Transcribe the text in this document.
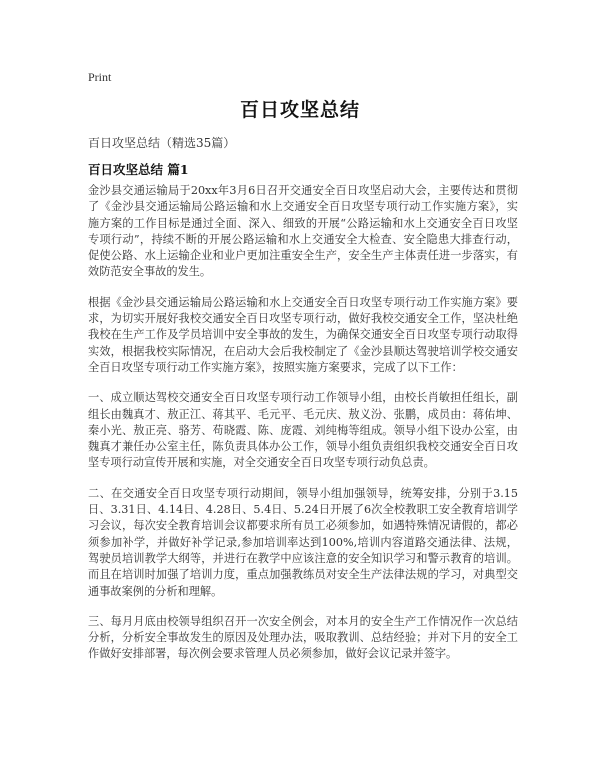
Print
百日攻坚总结
百日攻坚总结（精选35篇）
百日攻坚总结 篇1

金沙县交通运输局于20xx年3月6日召开交通安全百日攻坚启动大会，主要传达和贯彻了《金沙县交通运输局公路运输和水上交通安全百日攻坚专项行动工作实施方案》，实施方案的工作目标是通过全面、深入、细致的开展“公路运输和水上交通安全百日攻坚专项行动”，持续不断的开展公路运输和水上交通安全大检查、安全隐患大排查行动，促使公路、水上运输企业和业户更加注重安全生产，安全生产主体责任进一步落实，有效防范安全事故的发生。

根据《金沙县交通运输局公路运输和水上交通安全百日攻坚专项行动工作实施方案》要求，为切实开展好我校交通安全百日攻坚专项行动，做好我校交通安全工作，坚决杜绝我校在生产工作及学员培训中安全事故的发生，为确保交通安全百日攻坚专项行动取得实效，根据我校实际情况，在启动大会后我校制定了《金沙县顺达驾驶培训学校交通安全百日攻坚专项行动工作实施方案》，按照实施方案要求，完成了以下工作：

一、成立顺达驾校交通安全百日攻坚专项行动工作领导小组，由校长肖敏担任组长，副组长由魏真才、敖正江、蒋其平、毛元平、毛元庆、敖义汾、张鹏，成员由：蒋佑坤、秦小光、敖正亮、骆芳、苟晓霞、陈、庞霞、刘纯梅等组成。领导小组下设办公室，由魏真才兼任办公室主任，陈负责具体办公工作，领导小组负责组织我校交通安全百日攻坚专项行动宣传开展和实施，对全交通安全百日攻坚专项行动负总责。

二、在交通安全百日攻坚专项行动期间，领导小组加强领导，统筹安排，分别于3.15日、3.31日、4.14日、4.28日、5.4日、5.24日开展了6次全校教职工安全教育培训学习会议，每次安全教育培训会议都要求所有员工必须参加，如遇特殊情况请假的，都必须参加补学，并做好补学记录,参加培训率达到100%,培训内容道路交通法律、法规，驾驶员培训教学大纲等，并进行在教学中应该注意的安全知识学习和警示教育的培训。而且在培训时加强了培训力度，重点加强教练员对安全生产法律法规的学习，对典型交通事故案例的分析和理解。

三、每月月底由校领导组织召开一次安全例会，对本月的安全生产工作情况作一次总结分析，分析安全事故发生的原因及处理办法，吸取教训、总结经验；并对下月的安全工作做好安排部署，每次例会要求管理人员必须参加，做好会议记录并签字。
